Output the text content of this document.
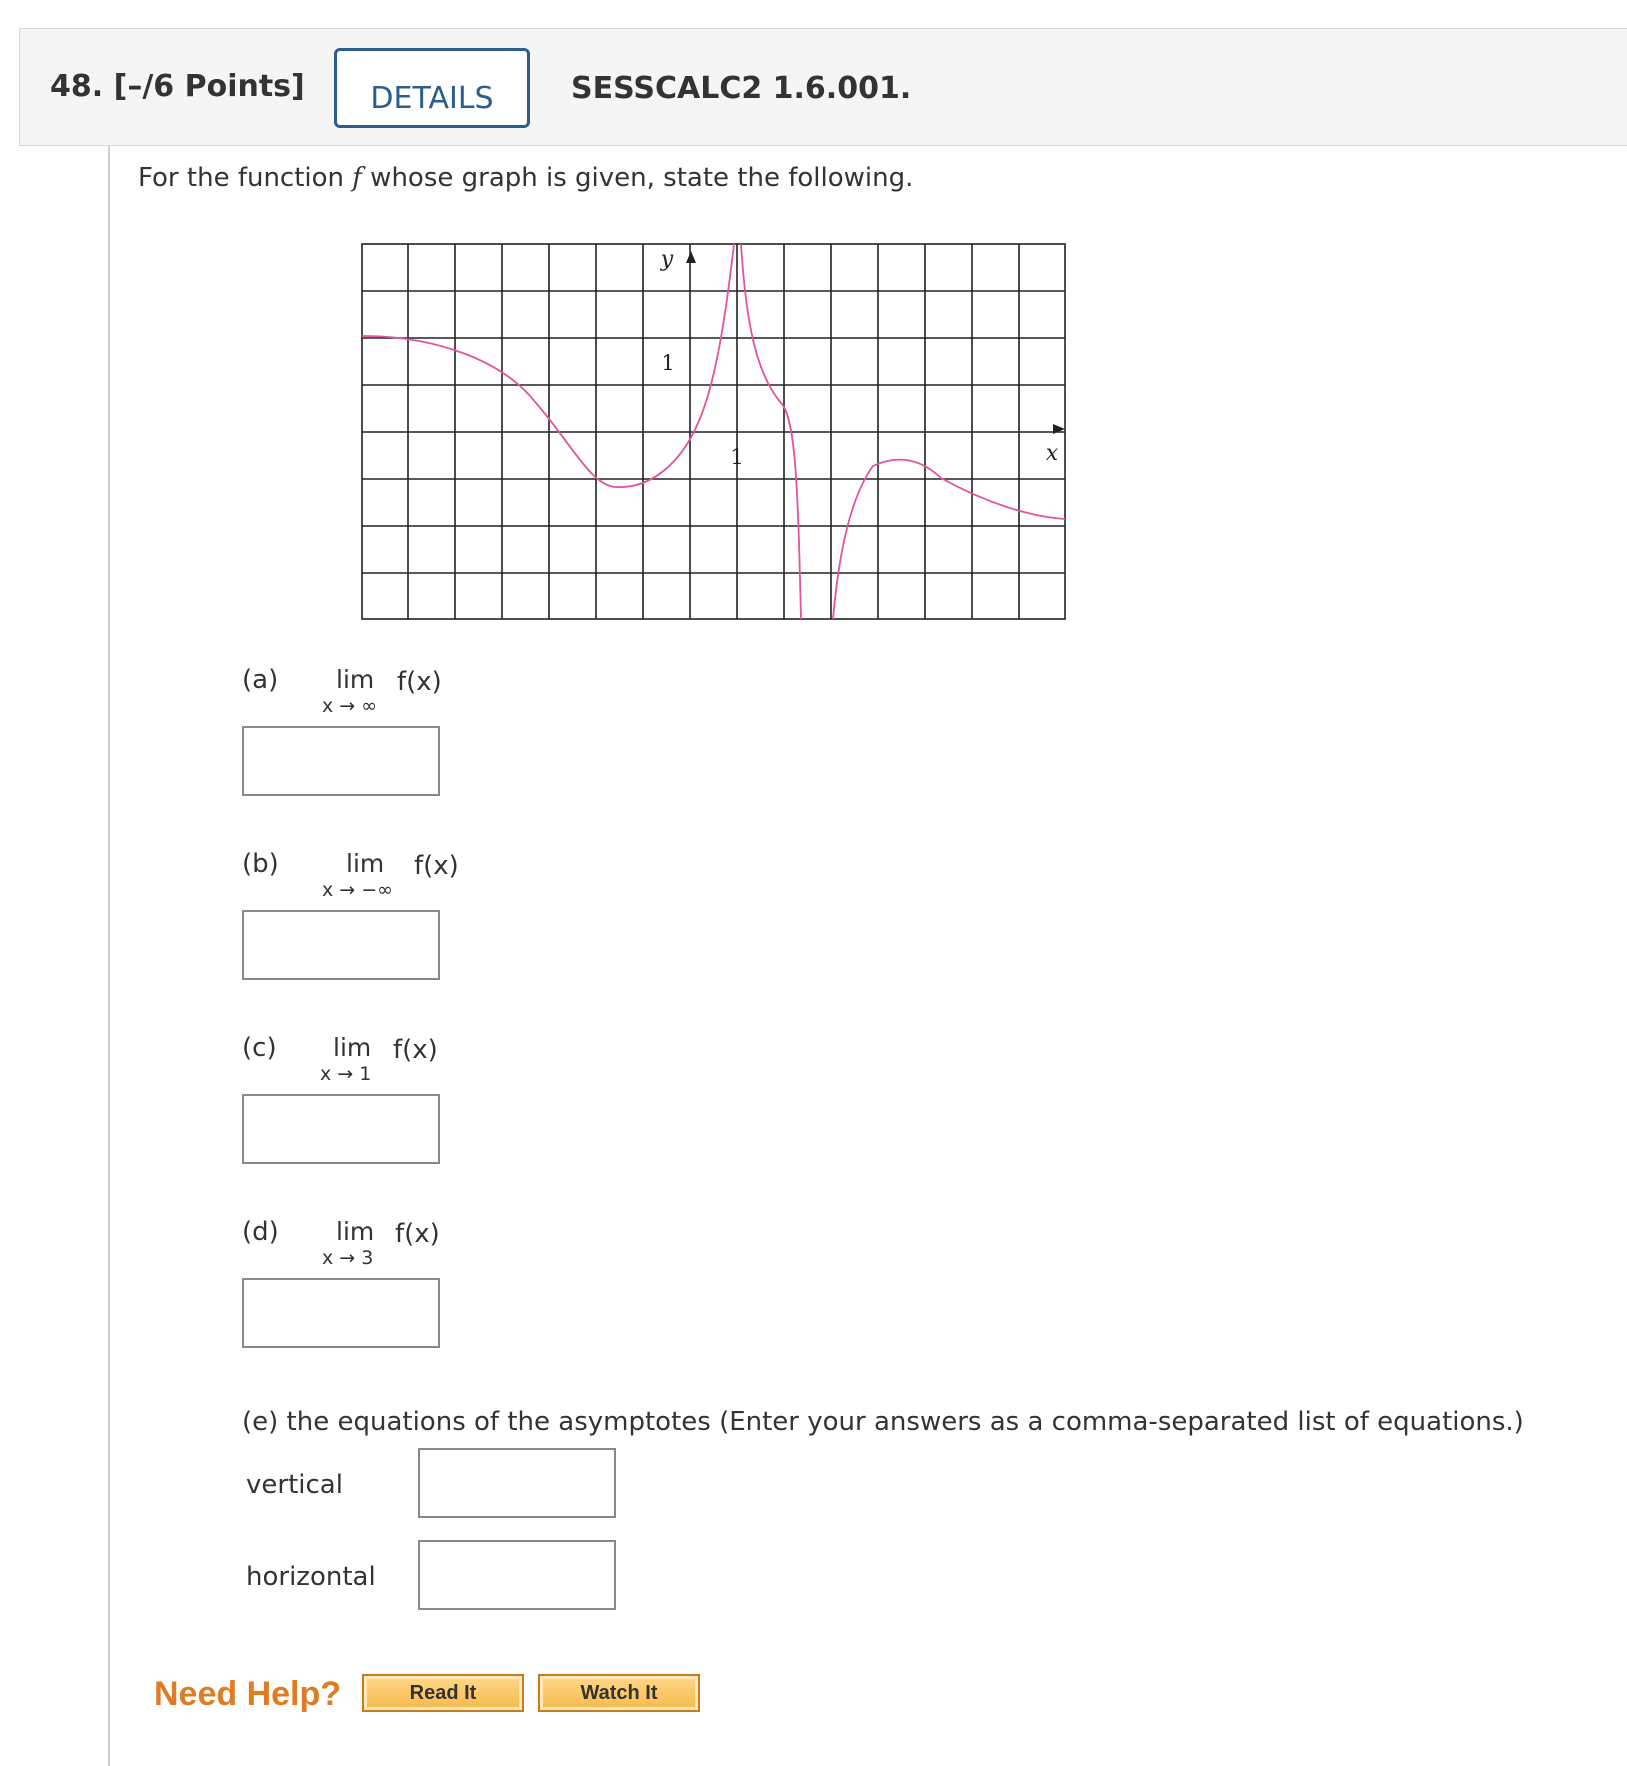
48. [–/6 Points]	DETAILS	SESSCALC2 1.6.001.
For the function f whose graph is given, state the following.
1
1
y
x
(a) lim
x → ∞
f(x)
(b)	lim
x → −∞
f(x)
(c) lim
x → 1
f(x)
(d) lim
x → 3
f(x)
(e) the equations of the asymptotes (Enter your answers as a comma-separated list of equations.)
vertical
horizontal
Need Help?	Read It	Watch It
